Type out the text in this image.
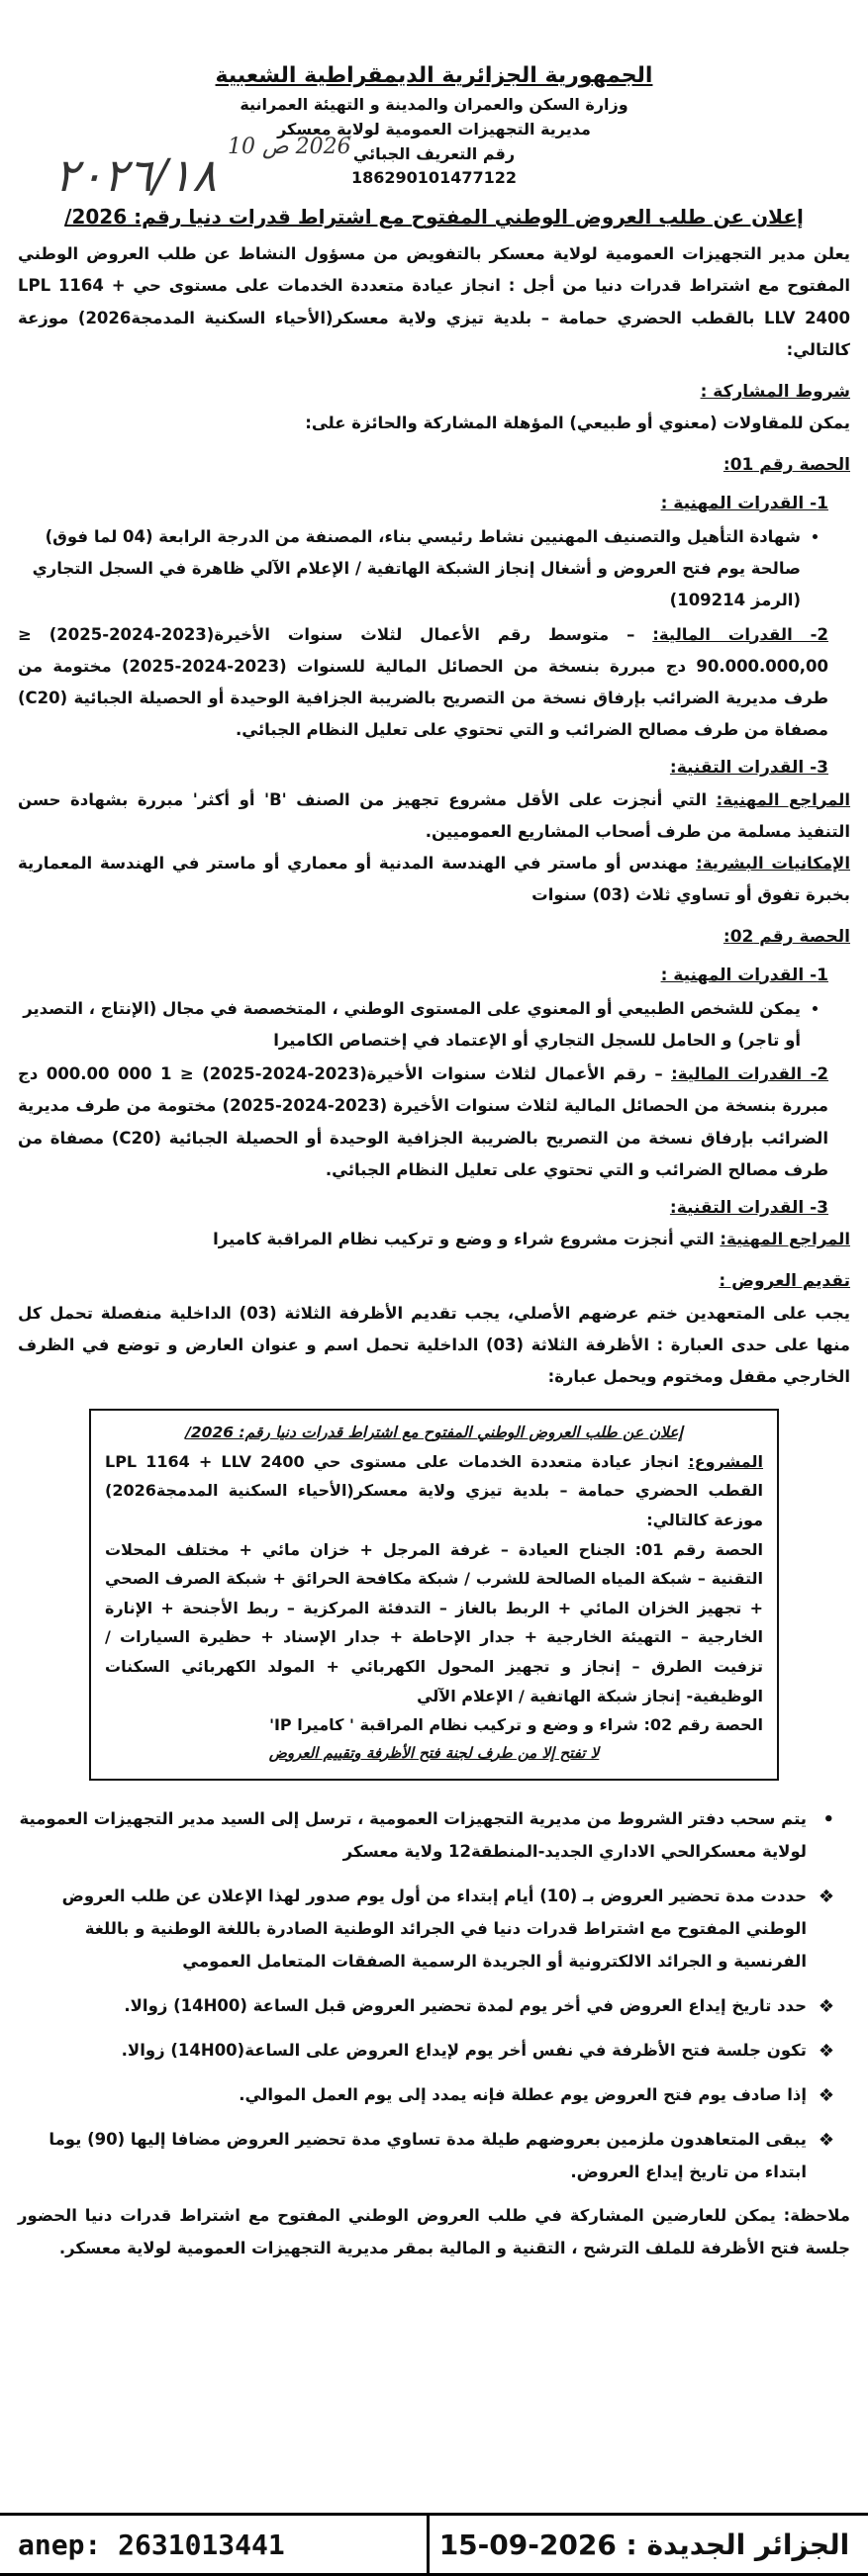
الجمهورية الجزائرية الديمقراطية الشعبية
وزارة السكن والعمران والمدينة و التهيئة العمرانية
مديرية التجهيزات العمومية لولاية معسكر
رقم التعريف الجبائي
186290101477122
2026 ص 10
٢٠٢٦/١٨
إعلان عن طلب العروض الوطني المفتوح مع اشتراط قدرات دنيا رقم: 2026/

يعلن مدير التجهيزات العمومية لولاية معسكر بالتفويض من مسؤول النشاط عن طلب العروض الوطني المفتوح مع اشتراط قدرات دنيا من أجل : انجاز عيادة متعددة الخدمات على مستوى حي LPL 1164 + LLV 2400 بالقطب الحضري حمامة – بلدية تيزي ولاية معسكر(الأحياء السكنية المدمجة2026) موزعة كالتالي:

شروط المشاركة :

يمكن للمقاولات (معنوي أو طبيعي) المؤهلة المشاركة والحائزة على:

الحصة رقم 01:
1- القدرات المهنية :
• شهادة التأهيل والتصنيف المهنيين نشاط رئيسي بناء، المصنفة من الدرجة الرابعة (04 لما فوق) صالحة يوم فتح العروض و أشغال إنجاز الشبكة الهاتفية / الإعلام الآلي ظاهرة في السجل التجاري (الرمز 109214)

2- القدرات المالية: – متوسط رقم الأعمال لثلاث سنوات الأخيرة(2023-2024-2025) ≤ 90.000.000,00 دج مبررة بنسخة من الحصائل المالية للسنوات (2023-2024-2025) مختومة من طرف مديرية الضرائب بإرفاق نسخة من التصريح بالضريبة الجزافية الوحيدة أو الحصيلة الجبائية (C20) مصفاة من طرف مصالح الضرائب و التي تحتوي على تعليل النظام الجبائي.

3- القدرات التقنية:

المراجع المهنية: التي أنجزت على الأقل مشروع تجهيز من الصنف 'B' أو أكثر' مبررة بشهادة حسن التنفيذ مسلمة من طرف أصحاب المشاريع العموميين.

الإمكانيات البشرية: مهندس أو ماستر في الهندسة المدنية أو معماري أو ماستر في الهندسة المعمارية بخبرة تفوق أو تساوي ثلاث (03) سنوات

الحصة رقم 02:
1- القدرات المهنية :
• يمكن للشخص الطبيعي أو المعنوي على المستوى الوطني ، المتخصصة في مجال (الإنتاج ، التصدير أو تاجر) و الحامل للسجل التجاري أو الإعتماد في إختصاص الكاميرا

2- القدرات المالية: – رقم الأعمال لثلاث سنوات الأخيرة(2023-2024-2025) ≤ 1 000 000.00 دج مبررة بنسخة من الحصائل المالية لثلاث سنوات الأخيرة (2023-2024-2025) مختومة من طرف مديرية الضرائب بإرفاق نسخة من التصريح بالضريبة الجزافية الوحيدة أو الحصيلة الجبائية (C20) مصفاة من طرف مصالح الضرائب و التي تحتوي على تعليل النظام الجبائي.

3- القدرات التقنية:

المراجع المهنية: التي أنجزت مشروع شراء و وضع و تركيب نظام المراقبة كاميرا

تقديم العروض :

يجب على المتعهدين ختم عرضهم الأصلي، يجب تقديم الأظرفة الثلاثة (03) الداخلية منفصلة تحمل كل منها على حدى العبارة : الأظرفة الثلاثة (03) الداخلية تحمل اسم و عنوان العارض و توضع في الظرف الخارجي مقفل ومختوم ويحمل عبارة:

إعلان عن طلب العروض الوطني المفتوح مع اشتراط قدرات دنيا رقم: 2026/

المشروع: انجاز عيادة متعددة الخدمات على مستوى حي LPL 1164 + LLV 2400 القطب الحضري حمامة – بلدية تيزي ولاية معسكر(الأحياء السكنية المدمجة2026) موزعة كالتالي:

الحصة رقم 01: الجناح العيادة – غرفة المرجل + خزان مائي + مختلف المحلات التقنية – شبكة المياه الصالحة للشرب / شبكة مكافحة الحرائق + شبكة الصرف الصحي + تجهيز الخزان المائي + الربط بالغاز – التدفئة المركزية – ربط الأجنحة + الإنارة الخارجية – التهيئة الخارجية + جدار الإحاطة + جدار الإسناد + حظيرة السيارات / تزفيت الطرق – إنجاز و تجهيز المحول الكهربائي + المولد الكهربائي السكنات الوظيفية- إنجاز شبكة الهاتفية / الإعلام الآلي

الحصة رقم 02: شراء و وضع و تركيب نظام المراقبة ' كاميرا IP'

لا تفتح إلا من طرف لجنة فتح الأظرفة وتقييم العروض
•
يتم سحب دفتر الشروط من مديرية التجهيزات العمومية ، ترسل إلى السيد مدير التجهيزات العمومية لولاية معسكرالحي الاداري الجديد-المنطقة12 ولاية معسكر
❖
حددت مدة تحضير العروض بـ (10) أيام إبتداء من أول يوم صدور لهذا الإعلان عن طلب العروض الوطني المفتوح مع اشتراط قدرات دنيا في الجرائد الوطنية الصادرة باللغة الوطنية و باللغة الفرنسية و الجرائد الالكترونية أو الجريدة الرسمية الصفقات المتعامل العمومي
❖
حدد تاريخ إيداع العروض في أخر يوم لمدة تحضير العروض قبل الساعة (14H00) زوالا.
❖
تكون جلسة فتح الأظرفة في نفس أخر يوم لإيداع العروض على الساعة(14H00) زوالا.
❖
إذا صادف يوم فتح العروض يوم عطلة فإنه يمدد إلى يوم العمل الموالي.
❖
يبقى المتعاهدون ملزمين بعروضهم طيلة مدة تساوي مدة تحضير العروض مضافا إليها (90) يوما ابتداء من تاريخ إيداع العروض.

ملاحظة: يمكن للعارضين المشاركة في طلب العروض الوطني المفتوح مع اشتراط قدرات دنيا الحضور جلسة فتح الأظرفة للملف الترشح ، التقنية و المالية بمقر مديرية التجهيزات العمومية لولاية معسكر.

anep: 2631013441	الجزائر الجديدة : 2026-09-15
